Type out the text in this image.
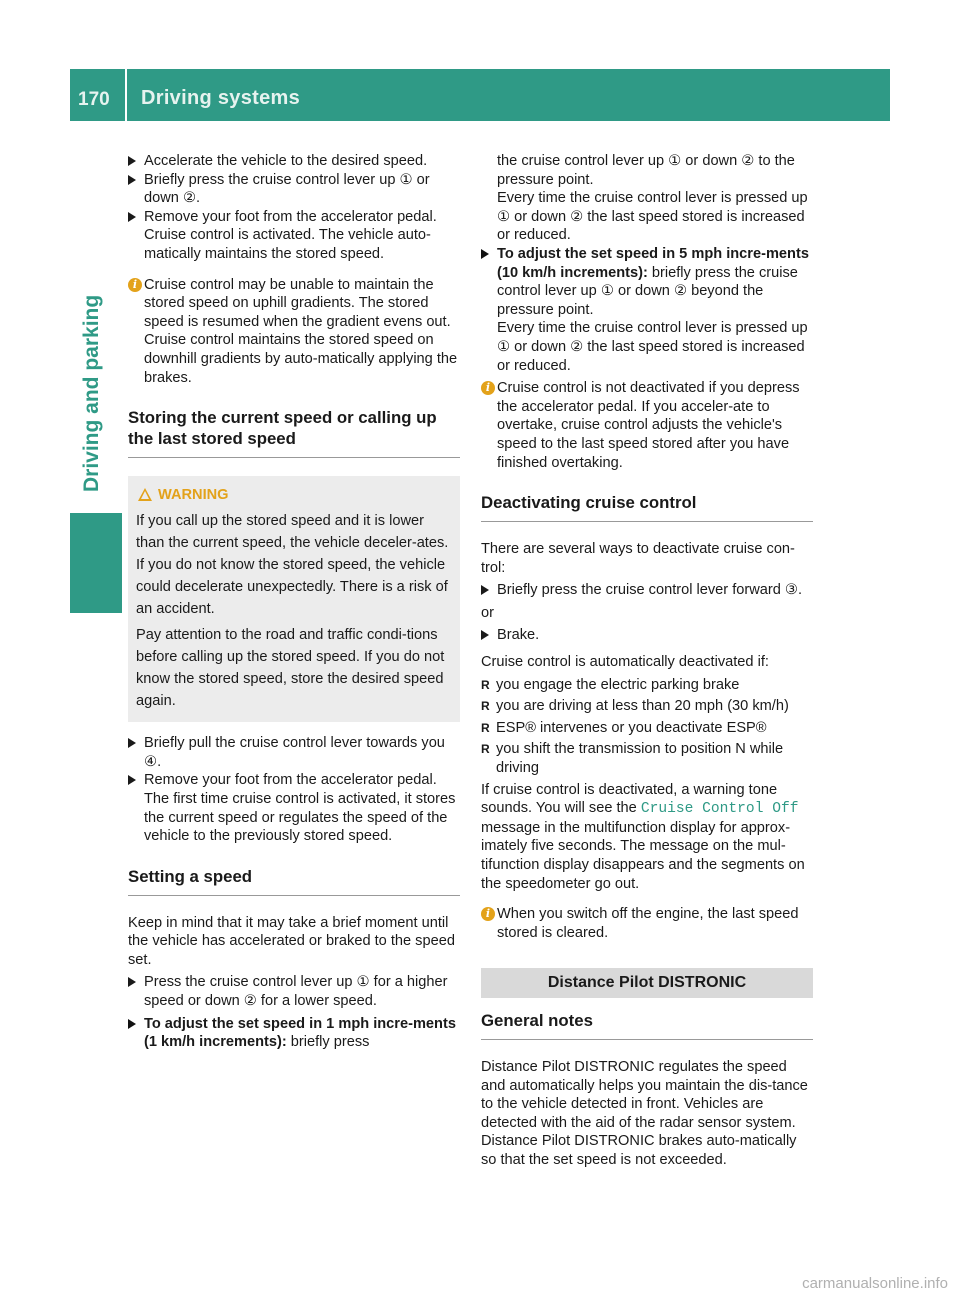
170 Driving systems
Driving and parking
Accelerate the vehicle to the desired speed.
Briefly press the cruise control lever up ① or down ②.
Remove your foot from the accelerator pedal. Cruise control is activated. The vehicle auto-matically maintains the stored speed.
i Cruise control may be unable to maintain the stored speed on uphill gradients. The stored speed is resumed when the gradient evens out. Cruise control maintains the stored speed on downhill gradients by auto-matically applying the brakes.
Storing the current speed or calling up the last stored speed
WARNING
If you call up the stored speed and it is lower than the current speed, the vehicle deceler-ates. If you do not know the stored speed, the vehicle could decelerate unexpectedly. There is a risk of an accident.
Pay attention to the road and traffic condi-tions before calling up the stored speed. If you do not know the stored speed, store the desired speed again.
Briefly pull the cruise control lever towards you ④.
Remove your foot from the accelerator pedal. The first time cruise control is activated, it stores the current speed or regulates the speed of the vehicle to the previously stored speed.
Setting a speed
Keep in mind that it may take a brief moment until the vehicle has accelerated or braked to the speed set.
Press the cruise control lever up ① for a higher speed or down ② for a lower speed.
To adjust the set speed in 1 mph incre-ments (1 km/h increments): briefly press
the cruise control lever up ① or down ② to the pressure point.
Every time the cruise control lever is pressed up ① or down ② the last speed stored is increased or reduced.
To adjust the set speed in 5 mph incre-ments (10 km/h increments): briefly press the cruise control lever up ① or down ② beyond the pressure point.
Every time the cruise control lever is pressed up ① or down ② the last speed stored is increased or reduced.
i Cruise control is not deactivated if you depress the accelerator pedal. If you acceler-ate to overtake, cruise control adjusts the vehicle's speed to the last speed stored after you have finished overtaking.
Deactivating cruise control
There are several ways to deactivate cruise con-trol:
Briefly press the cruise control lever forward ③.
or
Brake.
Cruise control is automatically deactivated if:
R you engage the electric parking brake
R you are driving at less than 20 mph (30 km/h)
R ESP® intervenes or you deactivate ESP®
R you shift the transmission to position N while driving
If cruise control is deactivated, a warning tone sounds. You will see the Cruise Control Off message in the multifunction display for approx-imately five seconds. The message on the mul-tifunction display disappears and the segments on the speedometer go out.
i When you switch off the engine, the last speed stored is cleared.
Distance Pilot DISTRONIC
General notes
Distance Pilot DISTRONIC regulates the speed and automatically helps you maintain the dis-tance to the vehicle detected in front. Vehicles are detected with the aid of the radar sensor system. Distance Pilot DISTRONIC brakes auto-matically so that the set speed is not exceeded.
carmanualsonline.info
